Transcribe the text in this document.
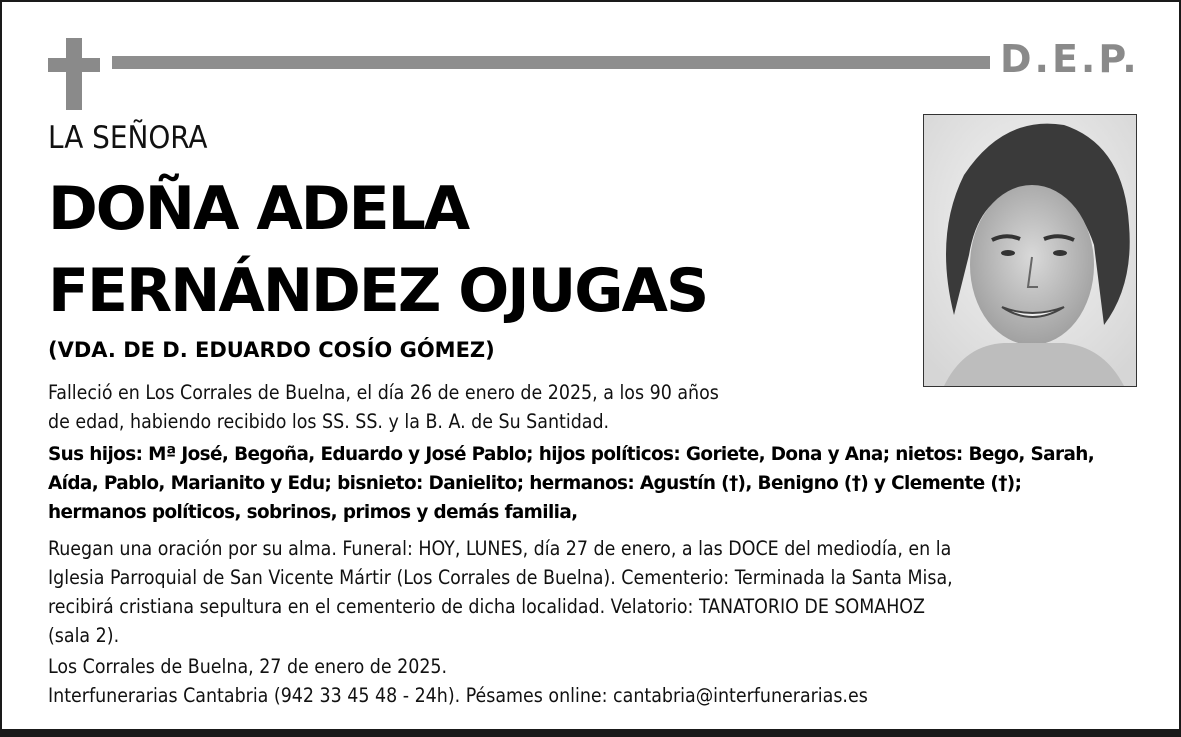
D.E.P.
LA SEÑORA
DOÑA ADELA
FERNÁNDEZ OJUGAS
(VDA. DE D. EDUARDO COSÍO GÓMEZ)

Falleció en Los Corrales de Buelna, el día 26 de enero de 2025, a los 90 años
de edad, habiendo recibido los SS. SS. y la B. A. de Su Santidad.

Sus hijos: Mª José, Begoña, Eduardo y José Pablo; hijos políticos: Goriete, Dona y Ana; nietos: Bego, Sarah,
Aída, Pablo, Marianito y Edu; bisnieto: Danielito; hermanos: Agustín (†), Benigno (†) y Clemente (†);
hermanos políticos, sobrinos, primos y demás familia,

Ruegan una oración por su alma. Funeral: HOY, LUNES, día 27 de enero, a las DOCE del mediodía, en la
Iglesia Parroquial de San Vicente Mártir (Los Corrales de Buelna). Cementerio: Terminada la Santa Misa,
recibirá cristiana sepultura en el cementerio de dicha localidad. Velatorio: TANATORIO DE SOMAHOZ
(sala 2).

Los Corrales de Buelna, 27 de enero de 2025.
Interfunerarias Cantabria (942 33 45 48 - 24h). Pésames online: cantabria@interfunerarias.es
